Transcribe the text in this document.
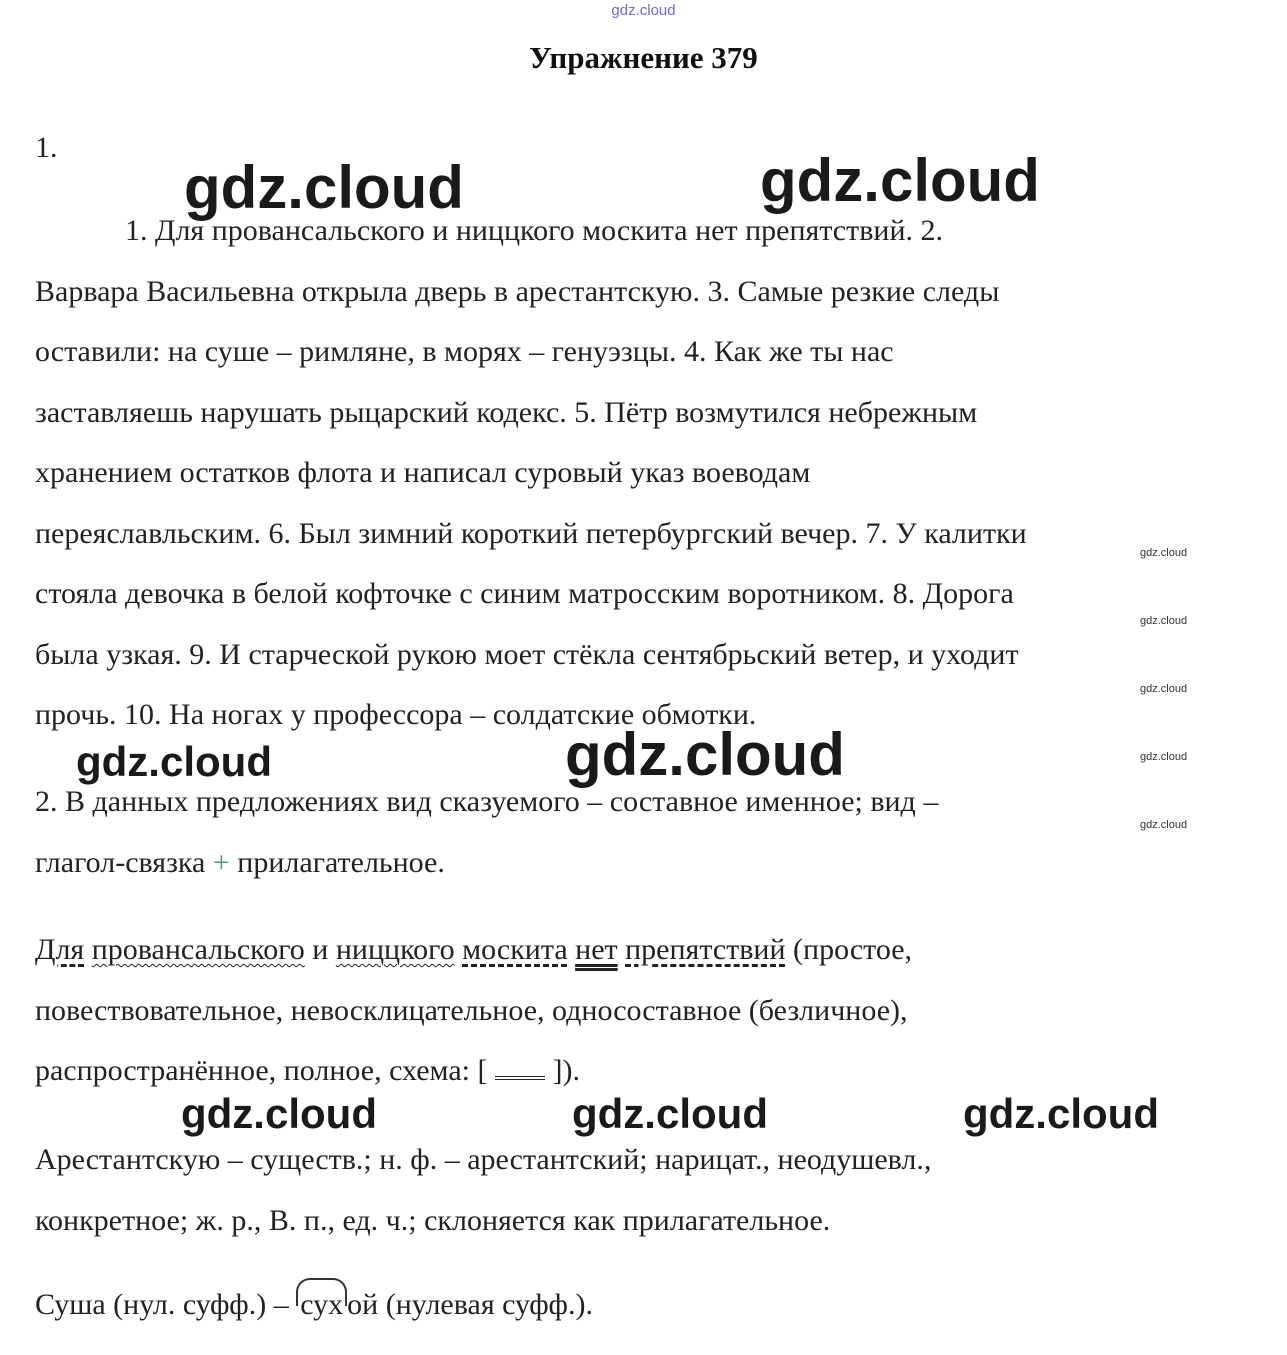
gdz.cloud
Упражнение 379
1.
1. Для провансальского и ниццкого москита нет препятствий. 2.
Варвара Васильевна открыла дверь в арестантскую. 3. Самые резкие следы
оставили: на суше – римляне, в морях – генуэзцы. 4. Как же ты нас
заставляешь нарушать рыцарский кодекс. 5. Пётр возмутился небрежным
хранением остатков флота и написал суровый указ воеводам
переяславльским. 6. Был зимний короткий петербургский вечер. 7. У калитки
стояла девочка в белой кофточке с синим матросским воротником. 8. Дорога
была узкая. 9. И старческой рукою моет стёкла сентябрьский ветер, и уходит
прочь. 10. На ногах у профессора – солдатские обмотки.
2. В данных предложениях вид сказуемого – составное именное; вид –
глагол-связка + прилагательное.
Для провансальского и ниццкого москита нет препятствий (простое,
повествовательное, невосклицательное, односоставное (безличное),
распространённое, полное, схема: [  ]).
Арестантскую – существ.; н. ф. – арестантский; нарицат., неодушевл.,
конкретное; ж. р., В. п., ед. ч.; склоняется как прилагательное.
Суша (нул. суфф.) – сух ой (нулевая суфф.).
gdz.cloud	gdz.cloud
gdz.cloud	gdz.cloud
gdz.cloud	gdz.cloud	gdz.cloud
gdz.cloud
gdz.cloud
gdz.cloud
gdz.cloud
gdz.cloud
